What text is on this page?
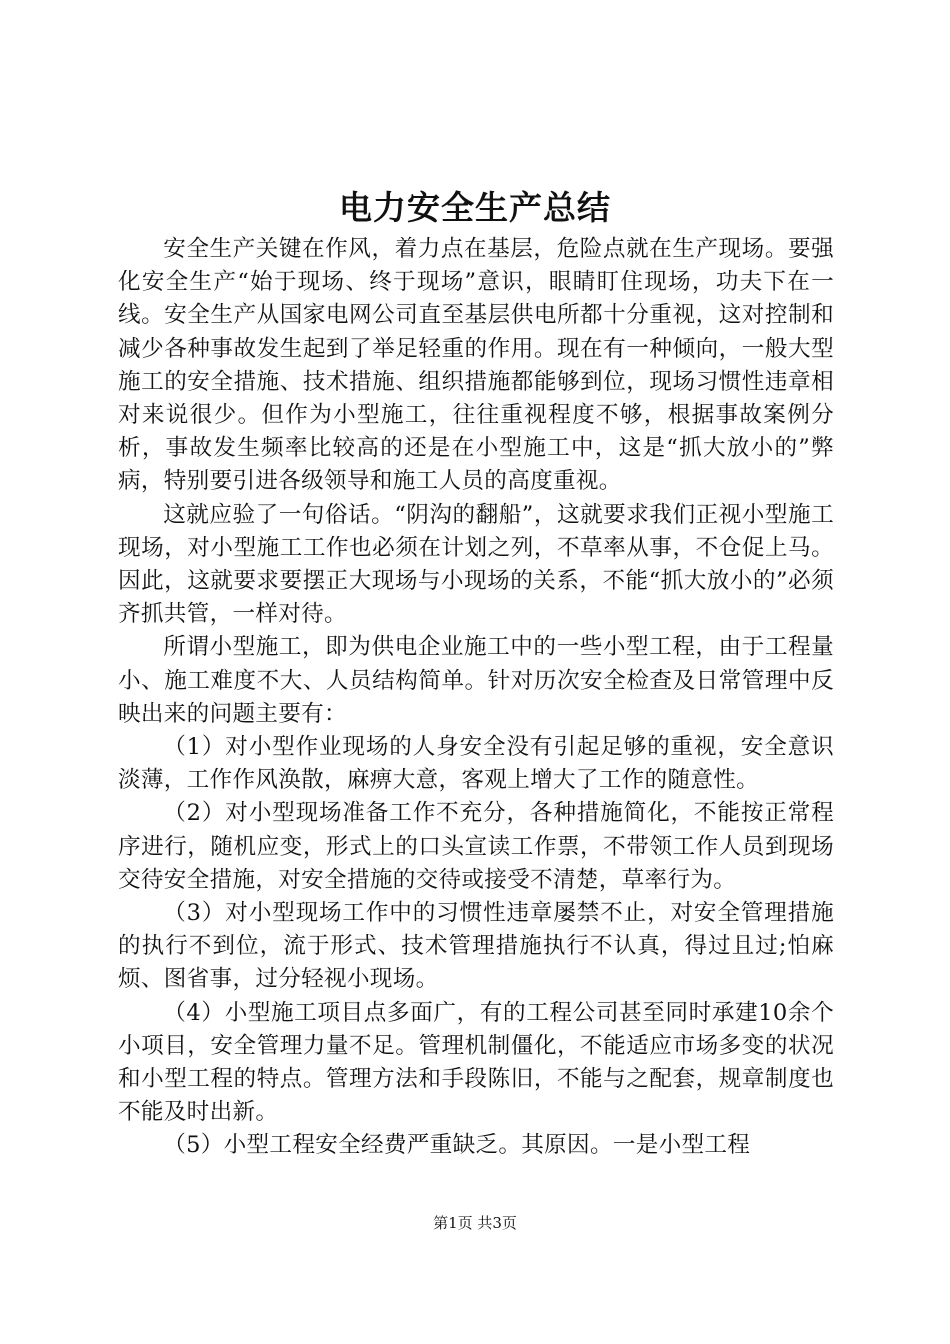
电力安全生产总结

安全生产关键在作风，着力点在基层，危险点就在生产现场。要强化安全生产“始于现场、终于现场”意识，眼睛盯住现场，功夫下在一线。安全生产从国家电网公司直至基层供电所都十分重视，这对控制和减少各种事故发生起到了举足轻重的作用。现在有一种倾向，一般大型施工的安全措施、技术措施、组织措施都能够到位，现场习惯性违章相对来说很少。但作为小型施工，往往重视程度不够，根据事故案例分析，事故发生频率比较高的还是在小型施工中，这是“抓大放小的”弊病，特别要引进各级领导和施工人员的高度重视。

这就应验了一句俗话。“阴沟的翻船”，这就要求我们正视小型施工现场，对小型施工工作也必须在计划之列，不草率从事，不仓促上马。因此，这就要求要摆正大现场与小现场的关系，不能“抓大放小的”必须齐抓共管，一样对待。

所谓小型施工，即为供电企业施工中的一些小型工程，由于工程量小、施工难度不大、人员结构简单。针对历次安全检查及日常管理中反映出来的问题主要有：

（1）对小型作业现场的人身安全没有引起足够的重视，安全意识淡薄，工作作风涣散，麻痹大意，客观上增大了工作的随意性。

（2）对小型现场准备工作不充分，各种措施简化，不能按正常程序进行，随机应变，形式上的口头宣读工作票，不带领工作人员到现场交待安全措施，对安全措施的交待或接受不清楚，草率行为。

（3）对小型现场工作中的习惯性违章屡禁不止，对安全管理措施的执行不到位，流于形式、技术管理措施执行不认真，得过且过;怕麻烦、图省事，过分轻视小现场。

（4）小型施工项目点多面广，有的工程公司甚至同时承建10余个小项目，安全管理力量不足。管理机制僵化，不能适应市场多变的状况和小型工程的特点。管理方法和手段陈旧，不能与之配套，规章制度也不能及时出新。

（5）小型工程安全经费严重缺乏。其原因。一是小型工程

第1页 共3页
